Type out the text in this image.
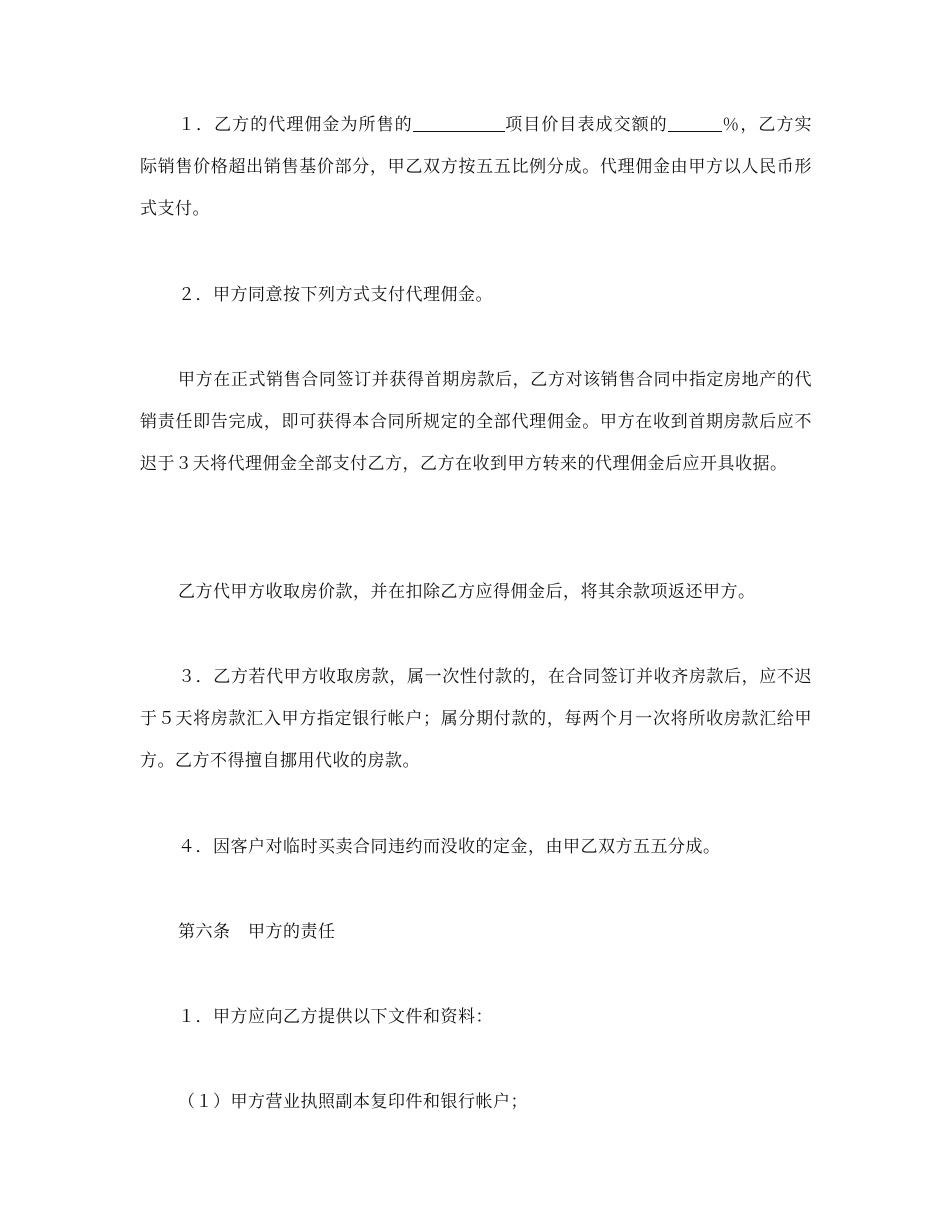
１．乙方的代理佣金为所售的	项目价目表成交额的	％，乙方实际销售价格超出销售基价部分，甲乙双方按五五比例分成。代理佣金由甲方以人民币形式支付。

２．甲方同意按下列方式支付代理佣金。

甲方在正式销售合同签订并获得首期房款后，乙方对该销售合同中指定房地产的代销责任即告完成，即可获得本合同所规定的全部代理佣金。甲方在收到首期房款后应不迟于３天将代理佣金全部支付乙方，乙方在收到甲方转来的代理佣金后应开具收据。

乙方代甲方收取房价款，并在扣除乙方应得佣金后，将其余款项返还甲方。

３．乙方若代甲方收取房款，属一次性付款的，在合同签订并收齐房款后，应不迟于５天将房款汇入甲方指定银行帐户；属分期付款的，每两个月一次将所收房款汇给甲方。乙方不得擅自挪用代收的房款。

４．因客户对临时买卖合同违约而没收的定金，由甲乙双方五五分成。

第六条　甲方的责任

１．甲方应向乙方提供以下文件和资料：

（１）甲方营业执照副本复印件和银行帐户；
